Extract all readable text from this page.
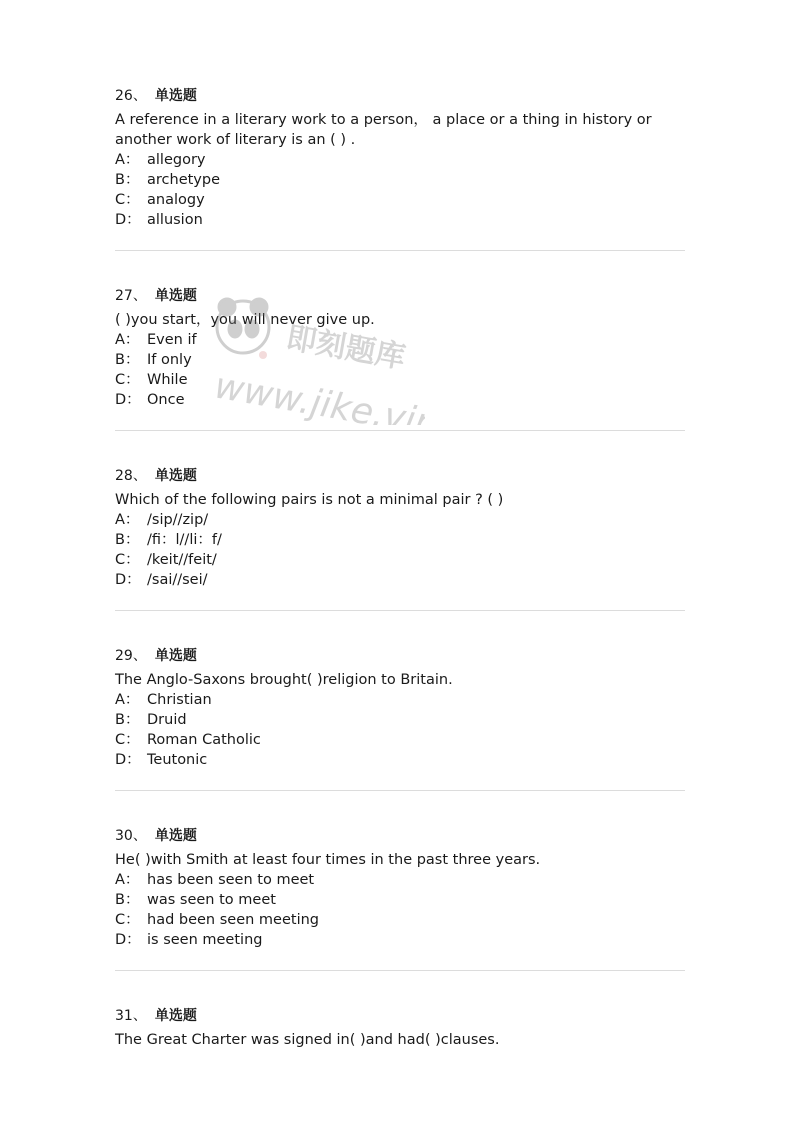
26、 单选题
A reference in a literary work to a person， a place or a thing in history or another work of literary is an ( ) .
A： allegory
B： archetype
C： analogy
D： allusion
27、 单选题
( )you start，you will never give up.
A： Even if
B： If only
C： While
D： Once
28、 单选题
Which of the following pairs is not a minimal pair ? ( )
A： /sip//zip/
B： /fi：l//li：f/
C： /keit//feit/
D： /sai//sei/
29、 单选题
The Anglo-Saxons brought( )religion to Britain.
A： Christian
B： Druid
C： Roman Catholic
D： Teutonic
30、 单选题
He( )with Smith at least four times in the past three years.
A： has been seen to meet
B： was seen to meet
C： had been seen meeting
D： is seen meeting
31、 单选题
The Great Charter was signed in( )and had( )clauses.
即刻题库
www.jike.vip
